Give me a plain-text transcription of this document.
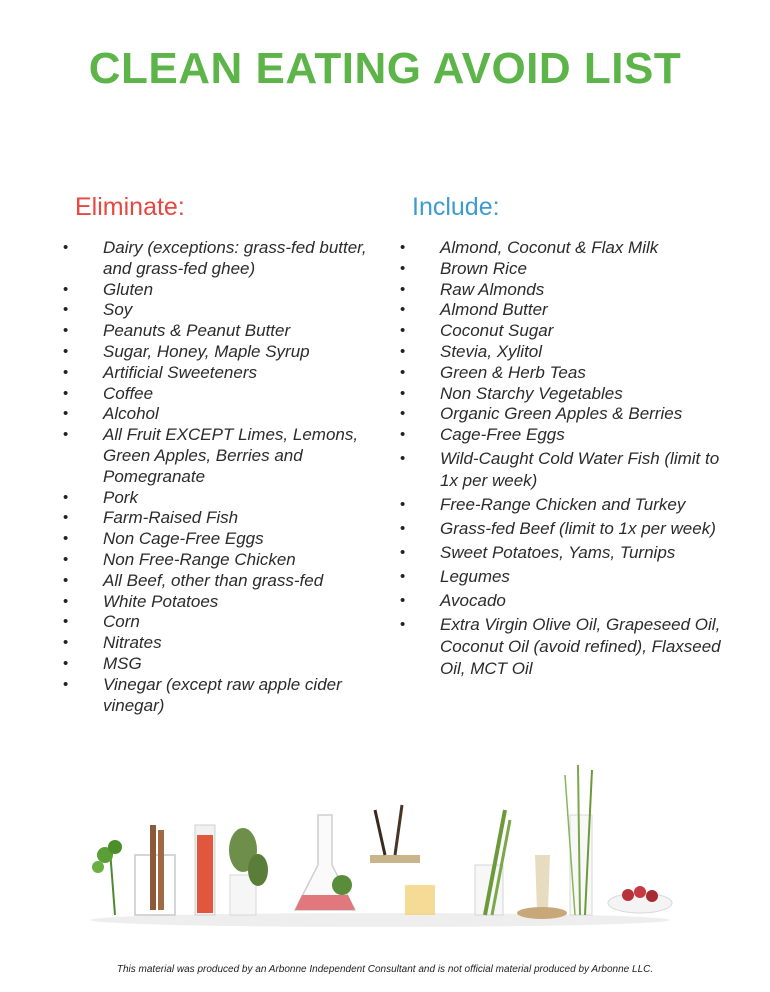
CLEAN EATING AVOID LIST
Eliminate:
• Dairy (exceptions: grass-fed butter, and grass-fed ghee)
• Gluten
• Soy
• Peanuts & Peanut Butter
• Sugar, Honey, Maple Syrup
• Artificial Sweeteners
• Coffee
• Alcohol
• All Fruit EXCEPT Limes, Lemons, Green Apples, Berries and Pomegranate
• Pork
• Farm-Raised Fish
• Non Cage-Free Eggs
• Non Free-Range Chicken
• All Beef, other than grass-fed
• White Potatoes
• Corn
• Nitrates
• MSG
• Vinegar (except raw apple cider vinegar)
Include:
• Almond, Coconut & Flax Milk
• Brown Rice
• Raw Almonds
• Almond Butter
• Coconut Sugar
• Stevia, Xylitol
• Green & Herb Teas
• Non Starchy Vegetables
• Organic Green Apples & Berries
• Cage-Free Eggs
• Wild-Caught Cold Water Fish (limit to 1x per week)
• Free-Range Chicken and Turkey
• Grass-fed Beef (limit to 1x per week)
• Sweet Potatoes, Yams, Turnips
• Legumes
• Avocado
• Extra Virgin Olive Oil, Grapeseed Oil, Coconut Oil (avoid refined), Flaxseed Oil, MCT Oil
This material was produced by an Arbonne Independent Consultant and is not official material produced by Arbonne LLC.
